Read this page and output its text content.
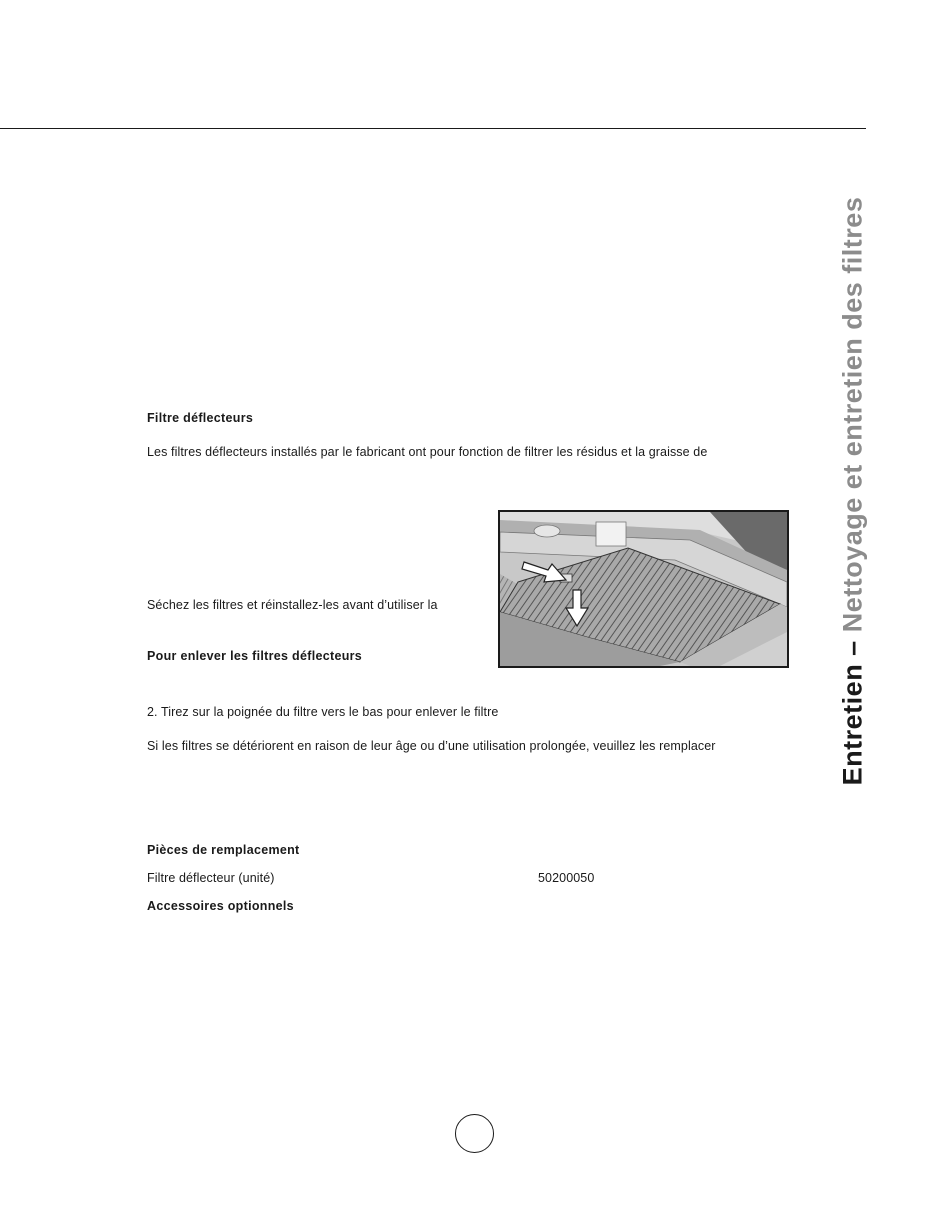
Entretien – Nettoyage et entretien des filtres
Filtre déflecteurs
Les filtres déflecteurs installés par le fabricant ont pour fonction de filtrer les résidus et la graisse de
Séchez les filtres et réinstallez-les avant d’utiliser la
Pour enlever les filtres déflecteurs
2. Tirez sur la poignée du filtre vers le bas pour enlever le filtre
Si les filtres se détériorent en raison de leur âge ou d’une utilisation prolongée, veuillez les remplacer
Pièces de remplacement
Filtre déflecteur (unité)	50200050
Accessoires optionnels
